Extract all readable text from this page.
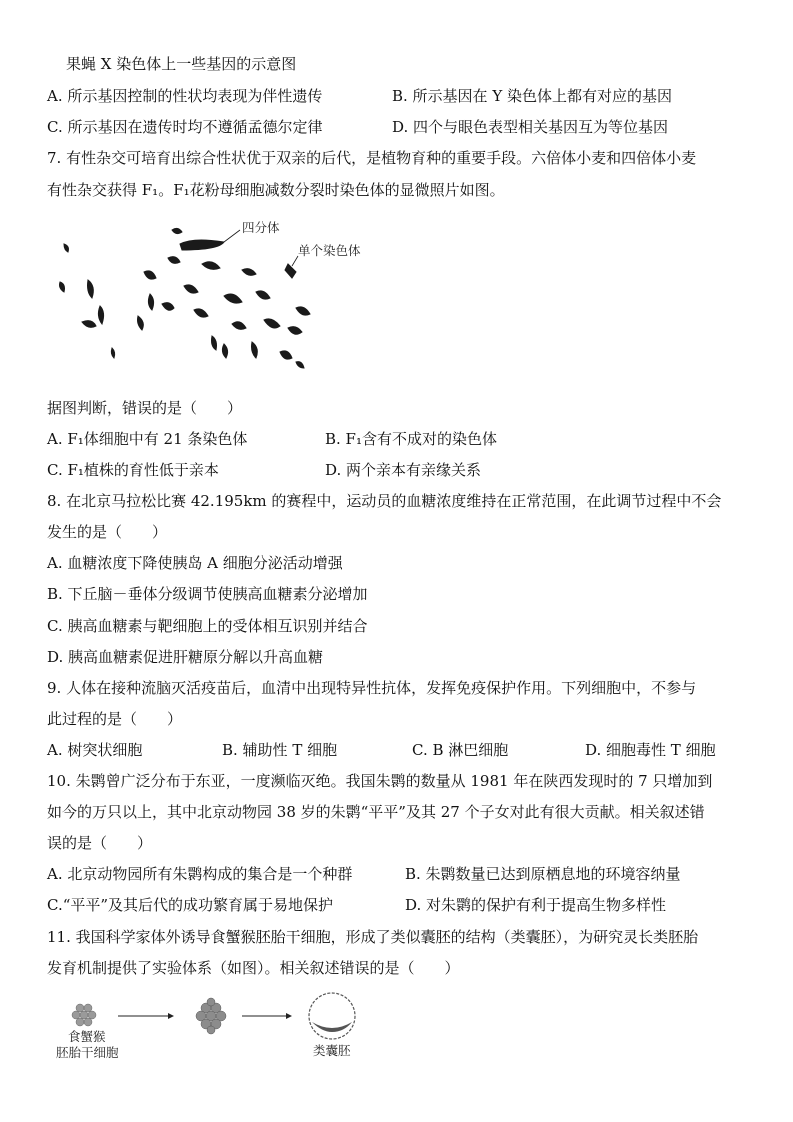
果蝇 X 染色体上一些基因的示意图
A. 所示基因控制的性状均表现为伴性遗传	B. 所示基因在 Y 染色体上都有对应的基因
C. 所示基因在遗传时均不遵循孟德尔定律	D. 四个与眼色表型相关基因互为等位基因
7. 有性杂交可培育出综合性状优于双亲的后代，是植物育种的重要手段。六倍体小麦和四倍体小麦
有性杂交获得 F₁。F₁花粉母细胞减数分裂时染色体的显微照片如图。
四分体
单个染色体
据图判断，错误的是（　　）
A. F₁体细胞中有 21 条染色体	B. F₁含有不成对的染色体
C. F₁植株的育性低于亲本	D. 两个亲本有亲缘关系
8. 在北京马拉松比赛 42.195km 的赛程中，运动员的血糖浓度维持在正常范围，在此调节过程中不会
发生的是（　　）
A. 血糖浓度下降使胰岛 A 细胞分泌活动增强
B. 下丘脑－垂体分级调节使胰高血糖素分泌增加
C. 胰高血糖素与靶细胞上的受体相互识别并结合
D. 胰高血糖素促进肝糖原分解以升高血糖
9. 人体在接种流脑灭活疫苗后，血清中出现特异性抗体，发挥免疫保护作用。下列细胞中，不参与
此过程的是（　　）
A. 树突状细胞	B. 辅助性 T 细胞	C. B 淋巴细胞	D. 细胞毒性 T 细胞
10. 朱鹮曾广泛分布于东亚，一度濒临灭绝。我国朱鹮的数量从 1981 年在陕西发现时的 7 只增加到
如今的万只以上，其中北京动物园 38 岁的朱鹮“平平”及其 27 个子女对此有很大贡献。相关叙述错
误的是（　　）
A. 北京动物园所有朱鹮构成的集合是一个种群	B. 朱鹮数量已达到原栖息地的环境容纳量
C.“平平”及其后代的成功繁育属于易地保护	D. 对朱鹮的保护有利于提高生物多样性
11. 我国科学家体外诱导食蟹猴胚胎干细胞，形成了类似囊胚的结构（类囊胚），为研究灵长类胚胎
发育机制提供了实验体系（如图）。相关叙述错误的是（　　）
食蟹猴
胚胎干细胞	类囊胚
